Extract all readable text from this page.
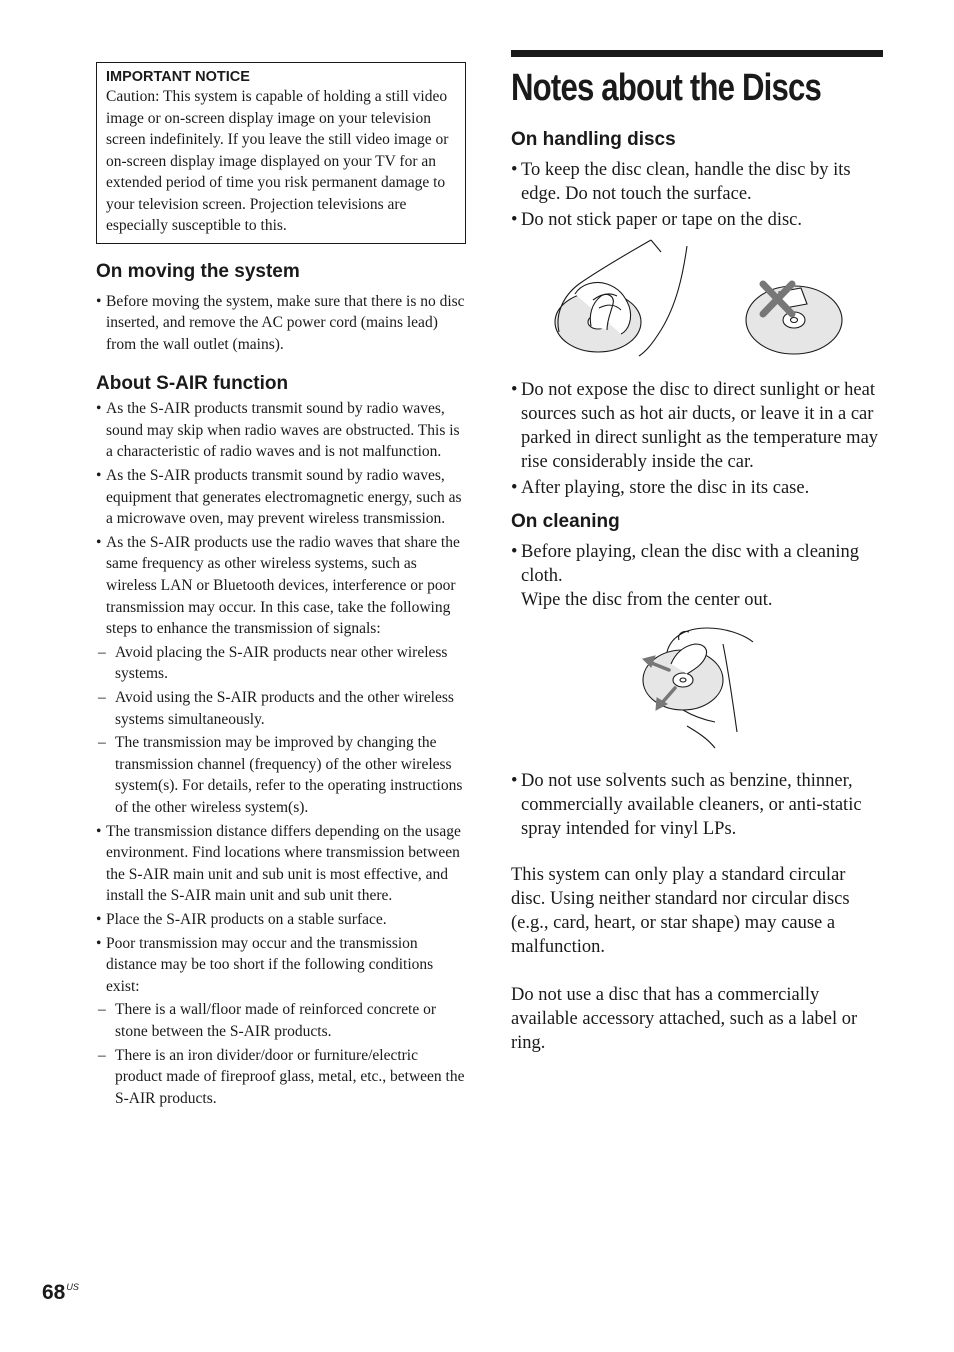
IMPORTANT NOTICE
Caution: This system is capable of holding a still video image or on-screen display image on your television screen indefinitely. If you leave the still video image or on-screen display image displayed on your TV for an extended period of time you risk permanent damage to your television screen. Projection televisions are especially susceptible to this.
On moving the system
• Before moving the system, make sure that there is no disc inserted, and remove the AC power cord (mains lead) from the wall outlet (mains).
About S-AIR function
• As the S-AIR products transmit sound by radio waves, sound may skip when radio waves are obstructed. This is a characteristic of radio waves and is not malfunction.
• As the S-AIR products transmit sound by radio waves, equipment that generates electromagnetic energy, such as a microwave oven, may prevent wireless transmission.
• As the S-AIR products use the radio waves that share the same frequency as other wireless systems, such as wireless LAN or Bluetooth devices, interference or poor transmission may occur. In this case, take the following steps to enhance the transmission of signals:
– Avoid placing the S-AIR products near other wireless systems.
– Avoid using the S-AIR products and the other wireless systems simultaneously.
– The transmission may be improved by changing the transmission channel (frequency) of the other wireless system(s). For details, refer to the operating instructions of the other wireless system(s).
• The transmission distance differs depending on the usage environment. Find locations where transmission between the S-AIR main unit and sub unit is most effective, and install the S-AIR main unit and sub unit there.
• Place the S-AIR products on a stable surface.
• Poor transmission may occur and the transmission distance may be too short if the following conditions exist:
– There is a wall/floor made of reinforced concrete or stone between the S-AIR products.
– There is an iron divider/door or furniture/electric product made of fireproof glass, metal, etc., between the S-AIR products.
Notes about the Discs
On handling discs
• To keep the disc clean, handle the disc by its edge. Do not touch the surface.
• Do not stick paper or tape on the disc.
• Do not expose the disc to direct sunlight or heat sources such as hot air ducts, or leave it in a car parked in direct sunlight as the temperature may rise considerably inside the car.
• After playing, store the disc in its case.
On cleaning
• Before playing, clean the disc with a cleaning cloth.
Wipe the disc from the center out.
• Do not use solvents such as benzine, thinner, commercially available cleaners, or anti-static spray intended for vinyl LPs.

This system can only play a standard circular disc. Using neither standard nor circular discs (e.g., card, heart, or star shape) may cause a malfunction.

Do not use a disc that has a commercially available accessory attached, such as a label or ring.

$68^{US}$
